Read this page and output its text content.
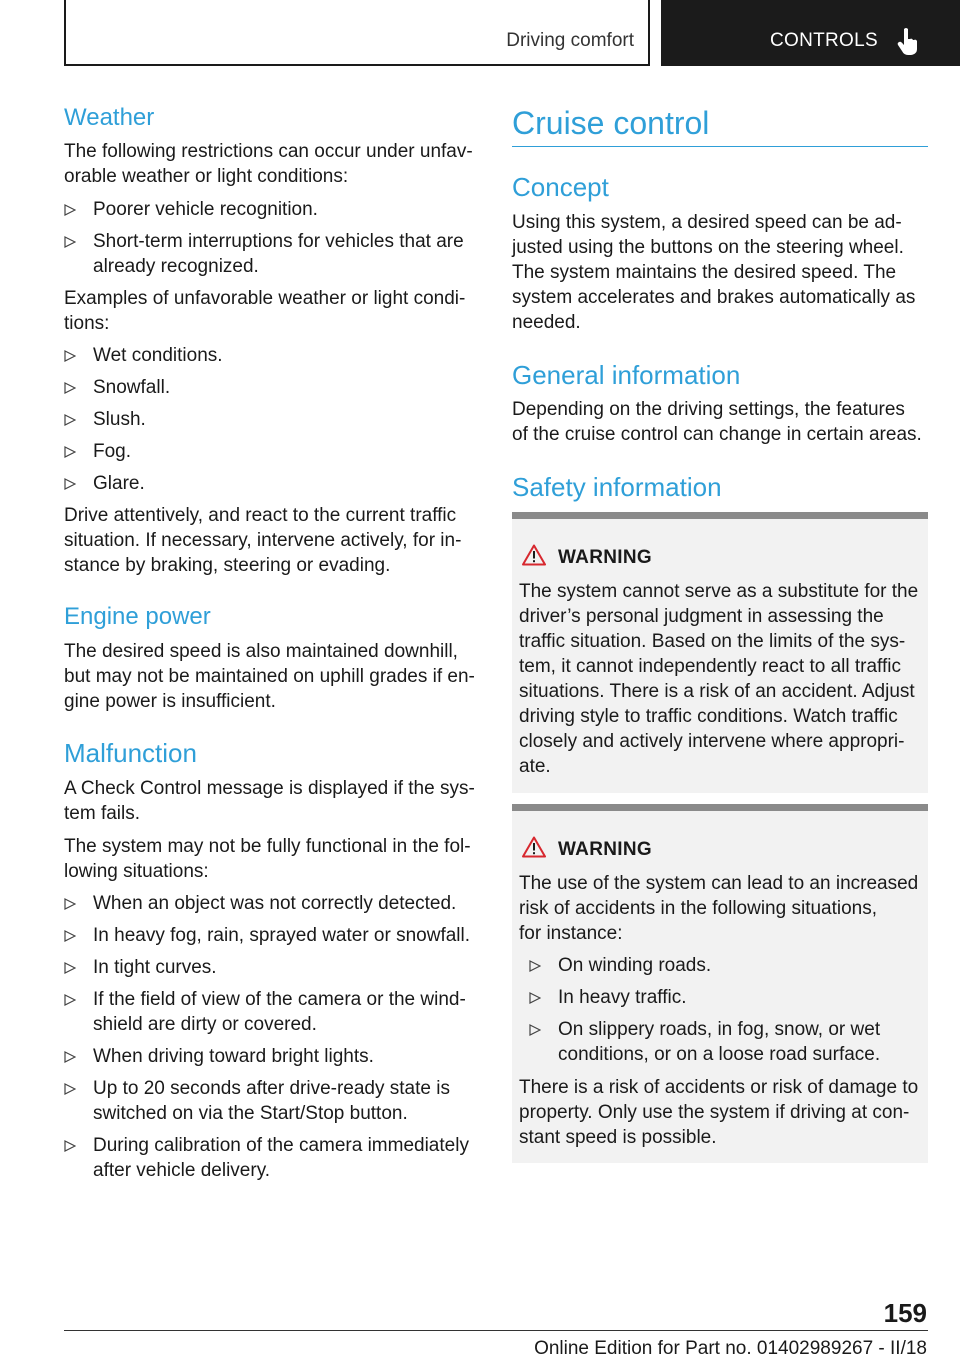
Driving comfort	CONTROLS
Weather
The following restrictions can occur under unfav-
orable weather or light conditions:
Poorer vehicle recognition.
Short-term interruptions for vehicles that are
already recognized.
Examples of unfavorable weather or light condi-
tions:
Wet conditions.
Snowfall.
Slush.
Fog.
Glare.
Drive attentively, and react to the current traffic
situation. If necessary, intervene actively, for in-
stance by braking, steering or evading.
Engine power
The desired speed is also maintained downhill,
but may not be maintained on uphill grades if en-
gine power is insufficient.
Malfunction
A Check Control message is displayed if the sys-
tem fails.
The system may not be fully functional in the fol-
lowing situations:
When an object was not correctly detected.
In heavy fog, rain, sprayed water or snowfall.
In tight curves.
If the field of view of the camera or the wind-
shield are dirty or covered.
When driving toward bright lights.
Up to 20 seconds after drive-ready state is
switched on via the Start/Stop button.
During calibration of the camera immediately
after vehicle delivery.
Cruise control
Concept
Using this system, a desired speed can be ad-
justed using the buttons on the steering wheel.
The system maintains the desired speed. The
system accelerates and brakes automatically as
needed.
General information
Depending on the driving settings, the features
of the cruise control can change in certain areas.
Safety information
WARNING
The system cannot serve as a substitute for the
driver’s personal judgment in assessing the
traffic situation. Based on the limits of the sys-
tem, it cannot independently react to all traffic
situations. There is a risk of an accident. Adjust
driving style to traffic conditions. Watch traffic
closely and actively intervene where appropri-
ate.
WARNING
The use of the system can lead to an increased
risk of accidents in the following situations,
for instance:
On winding roads.
In heavy traffic.
On slippery roads, in fog, snow, or wet
conditions, or on a loose road surface.
There is a risk of accidents or risk of damage to
property. Only use the system if driving at con-
stant speed is possible.
159
Online Edition for Part no. 01402989267 - II/18
